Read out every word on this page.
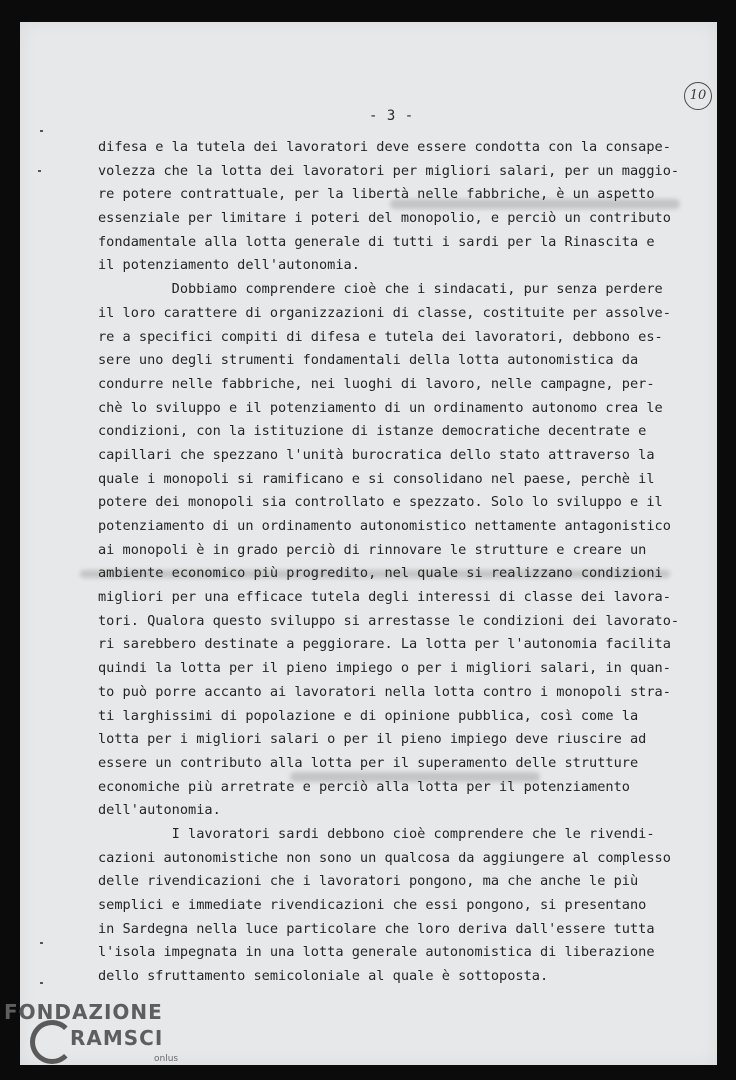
- 3 -
10
difesa e la tutela dei lavoratori deve essere condotta con la consape-
volezza che la lotta dei lavoratori per migliori salari, per un maggio-
re potere contrattuale, per la libertà nelle fabbriche, è un aspetto
essenziale per limitare i poteri del monopolio, e perciò un contributo
fondamentale alla lotta generale di tutti i sardi per la Rinascita e
il potenziamento dell'autonomia.
Dobbiamo comprendere cioè che i sindacati, pur senza perdere
il loro carattere di organizzazioni di classe, costituite per assolve-
re a specifici compiti di difesa e tutela dei lavoratori, debbono es-
sere uno degli strumenti fondamentali della lotta autonomistica da
condurre nelle fabbriche, nei luoghi di lavoro, nelle campagne, per-
chè lo sviluppo e il potenziamento di un ordinamento autonomo crea le
condizioni, con la istituzione di istanze democratiche decentrate e
capillari che spezzano l'unità burocratica dello stato attraverso la
quale i monopoli si ramificano e si consolidano nel paese, perchè il
potere dei monopoli sia controllato e spezzato. Solo lo sviluppo e il
potenziamento di un ordinamento autonomistico nettamente antagonistico
ai monopoli è in grado perciò di rinnovare le strutture e creare un
ambiente economico più progredito, nel quale si realizzano condizioni
migliori per una efficace tutela degli interessi di classe dei lavora-
tori. Qualora questo sviluppo si arrestasse le condizioni dei lavorato-
ri sarebbero destinate a peggiorare. La lotta per l'autonomia facilita
quindi la lotta per il pieno impiego o per i migliori salari, in quan-
to può porre accanto ai lavoratori nella lotta contro i monopoli stra-
ti larghissimi di popolazione e di opinione pubblica, così come la
lotta per i migliori salari o per il pieno impiego deve riuscire ad
essere un contributo alla lotta per il superamento delle strutture
economiche più arretrate e perciò alla lotta per il potenziamento
dell'autonomia.
I lavoratori sardi debbono cioè comprendere che le rivendi-
cazioni autonomistiche non sono un qualcosa da aggiungere al complesso
delle rivendicazioni che i lavoratori pongono, ma che anche le più
semplici e immediate rivendicazioni che essi pongono, si presentano
in Sardegna nella luce particolare che loro deriva dall'essere tutta
l'isola impegnata in una lotta generale autonomistica di liberazione
dello sfruttamento semicoloniale al quale è sottoposta.
FONDAZIONE
RAMSCI
onlus
